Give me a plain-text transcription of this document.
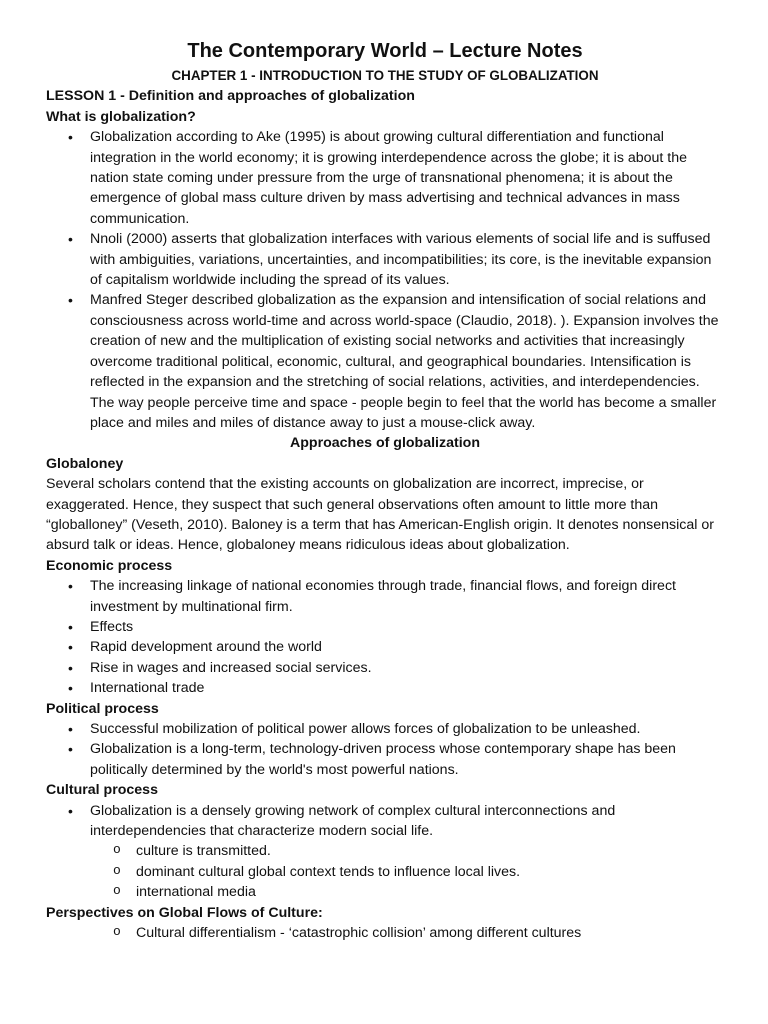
The Contemporary World – Lecture Notes
CHAPTER 1 - INTRODUCTION TO THE STUDY OF GLOBALIZATION
LESSON 1 - Definition and approaches of globalization
What is globalization?
• Globalization according to Ake (1995) is about growing cultural differentiation and functional integration in the world economy; it is growing interdependence across the globe; it is about the nation state coming under pressure from the urge of transnational phenomena; it is about the emergence of global mass culture driven by mass advertising and technical advances in mass communication.
• Nnoli (2000) asserts that globalization interfaces with various elements of social life and is suffused with ambiguities, variations, uncertainties, and incompatibilities; its core, is the inevitable expansion of capitalism worldwide including the spread of its values.
• Manfred Steger described globalization as the expansion and intensification of social relations and consciousness across world-time and across world-space (Claudio, 2018). ). Expansion involves the creation of new and the multiplication of existing social networks and activities that increasingly overcome traditional political, economic, cultural, and geographical boundaries. Intensification is reflected in the expansion and the stretching of social relations, activities, and interdependencies. The way people perceive time and space - people begin to feel that the world has become a smaller place and miles and miles of distance away to just a mouse-click away.
Approaches of globalization
Globaloney

Several scholars contend that the existing accounts on globalization are incorrect, imprecise, or exaggerated. Hence, they suspect that such general observations often amount to little more than “globalloney” (Veseth, 2010). Baloney is a term that has American-English origin. It denotes nonsensical or absurd talk or ideas. Hence, globaloney means ridiculous ideas about globalization.

Economic process
• The increasing linkage of national economies through trade, financial flows, and foreign direct investment by multinational firm.
• Effects
• Rapid development around the world
• Rise in wages and increased social services.
• International trade
Political process
• Successful mobilization of political power allows forces of globalization to be unleashed.
• Globalization is a long-term, technology-driven process whose contemporary shape has been politically determined by the world's most powerful nations.
Cultural process
• Globalization is a densely growing network of complex cultural interconnections and interdependencies that characterize modern social life.
o culture is transmitted.
o dominant cultural global context tends to influence local lives.
o international media
Perspectives on Global Flows of Culture:
o Cultural differentialism - ‘catastrophic collision’ among different cultures
